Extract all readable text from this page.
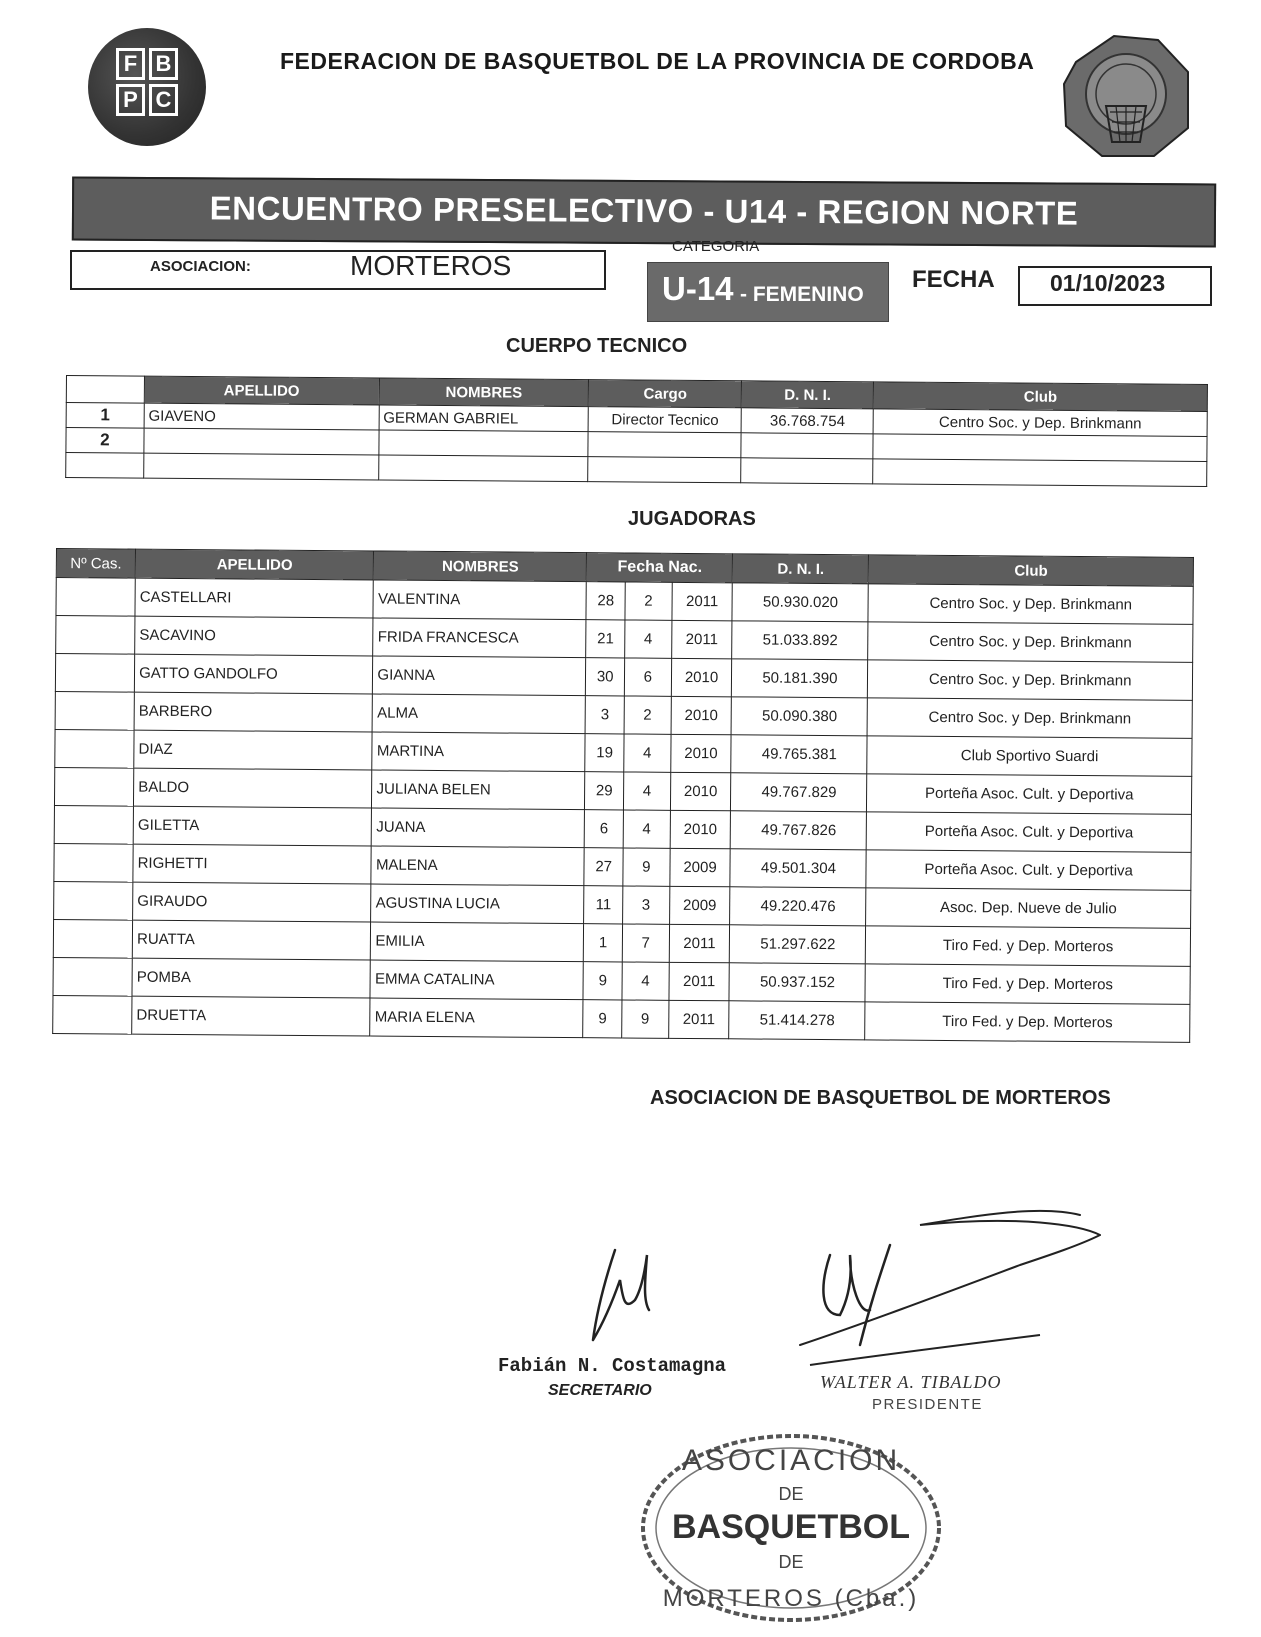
F B
P C
FEDERACION DE BASQUETBOL DE LA PROVINCIA DE CORDOBA
ENCUENTRO PRESELECTIVO - U14 - REGION NORTE
ASOCIACION:	MORTEROS
CATEGORIA
U-14 - FEMENINO
FECHA 01/10/2023
CUERPO TECNICO
	APELLIDO	NOMBRES	Cargo	D. N. I.	Club
1	GIAVENO	GERMAN GABRIEL	Director Tecnico	36.768.754	Centro Soc. y Dep. Brinkmann
2					

JUGADORAS
Nº Cas.	APELLIDO	NOMBRES	Fecha Nac.			D. N. I.	Club
	CASTELLARI	VALENTINA	28	2	2011	50.930.020	Centro Soc. y Dep. Brinkmann
	SACAVINO	FRIDA FRANCESCA	21	4	2011	51.033.892	Centro Soc. y Dep. Brinkmann
	GATTO GANDOLFO	GIANNA	30	6	2010	50.181.390	Centro Soc. y Dep. Brinkmann
	BARBERO	ALMA	3	2	2010	50.090.380	Centro Soc. y Dep. Brinkmann
	DIAZ	MARTINA	19	4	2010	49.765.381	Club Sportivo Suardi
	BALDO	JULIANA BELEN	29	4	2010	49.767.829	Porteña Asoc. Cult. y Deportiva
	GILETTA	JUANA	6	4	2010	49.767.826	Porteña Asoc. Cult. y Deportiva
	RIGHETTI	MALENA	27	9	2009	49.501.304	Porteña Asoc. Cult. y Deportiva
	GIRAUDO	AGUSTINA LUCIA	11	3	2009	49.220.476	Asoc. Dep. Nueve de Julio
	RUATTA	EMILIA	1	7	2011	51.297.622	Tiro Fed. y Dep. Morteros
	POMBA	EMMA CATALINA	9	4	2011	50.937.152	Tiro Fed. y Dep. Morteros
	DRUETTA	MARIA ELENA	9	9	2011	51.414.278	Tiro Fed. y Dep. Morteros
ASOCIACION DE BASQUETBOL DE MORTEROS
Fabián N. Costamagna
SECRETARIO	WALTER A. TIBALDO
PRESIDENTE
ASOCIACION
DE
BASQUETBOL
DE
MORTEROS (Cba.)
